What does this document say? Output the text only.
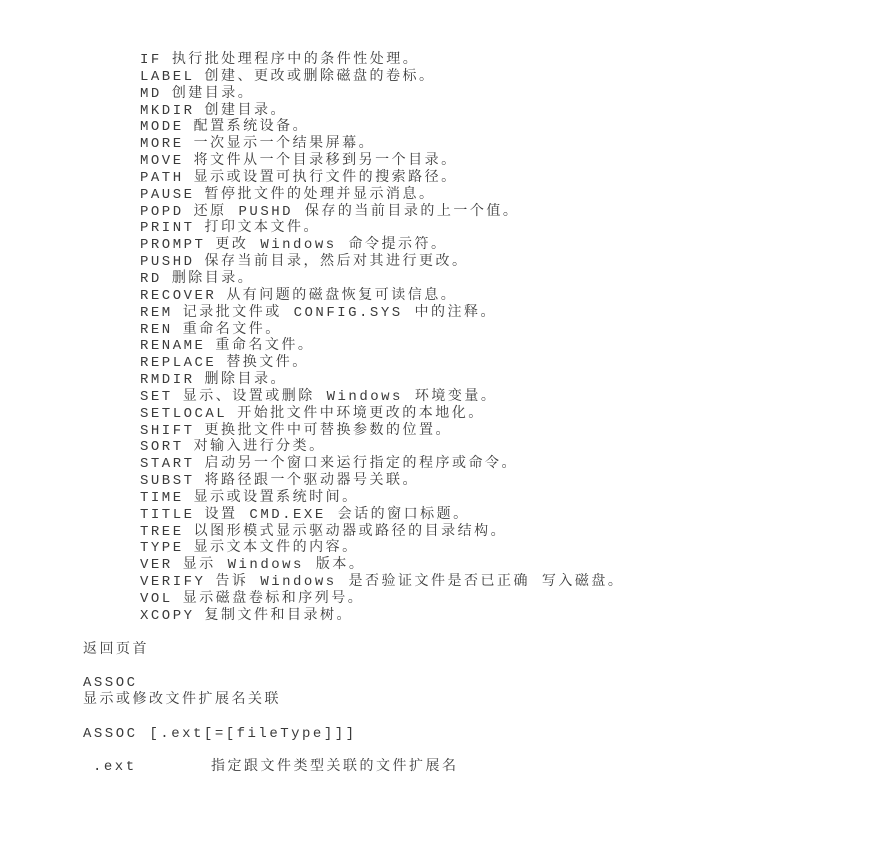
IF 执行批处理程序中的条件性处理。
LABEL 创建、更改或删除磁盘的卷标。
MD 创建目录。
MKDIR 创建目录。
MODE 配置系统设备。
MORE 一次显示一个结果屏幕。
MOVE 将文件从一个目录移到另一个目录。
PATH 显示或设置可执行文件的搜索路径。
PAUSE 暂停批文件的处理并显示消息。
POPD 还原 PUSHD 保存的当前目录的上一个值。
PRINT 打印文本文件。
PROMPT 更改 Windows 命令提示符。
PUSHD 保存当前目录，然后对其进行更改。
RD 删除目录。
RECOVER 从有问题的磁盘恢复可读信息。
REM 记录批文件或 CONFIG.SYS 中的注释。
REN 重命名文件。
RENAME 重命名文件。
REPLACE 替换文件。
RMDIR 删除目录。
SET 显示、设置或删除 Windows 环境变量。
SETLOCAL 开始批文件中环境更改的本地化。
SHIFT 更换批文件中可替换参数的位置。
SORT 对输入进行分类。
START 启动另一个窗口来运行指定的程序或命令。
SUBST 将路径跟一个驱动器号关联。
TIME 显示或设置系统时间。
TITLE 设置 CMD.EXE 会话的窗口标题。
TREE 以图形模式显示驱动器或路径的目录结构。
TYPE 显示文本文件的内容。
VER 显示 Windows 版本。
VERIFY 告诉 Windows 是否验证文件是否已正确 写入磁盘。
VOL 显示磁盘卷标和序列号。
XCOPY 复制文件和目录树。
返回页首
ASSOC
显示或修改文件扩展名关联
ASSOC [.ext[=[fileType]]]
.ext	指定跟文件类型关联的文件扩展名
